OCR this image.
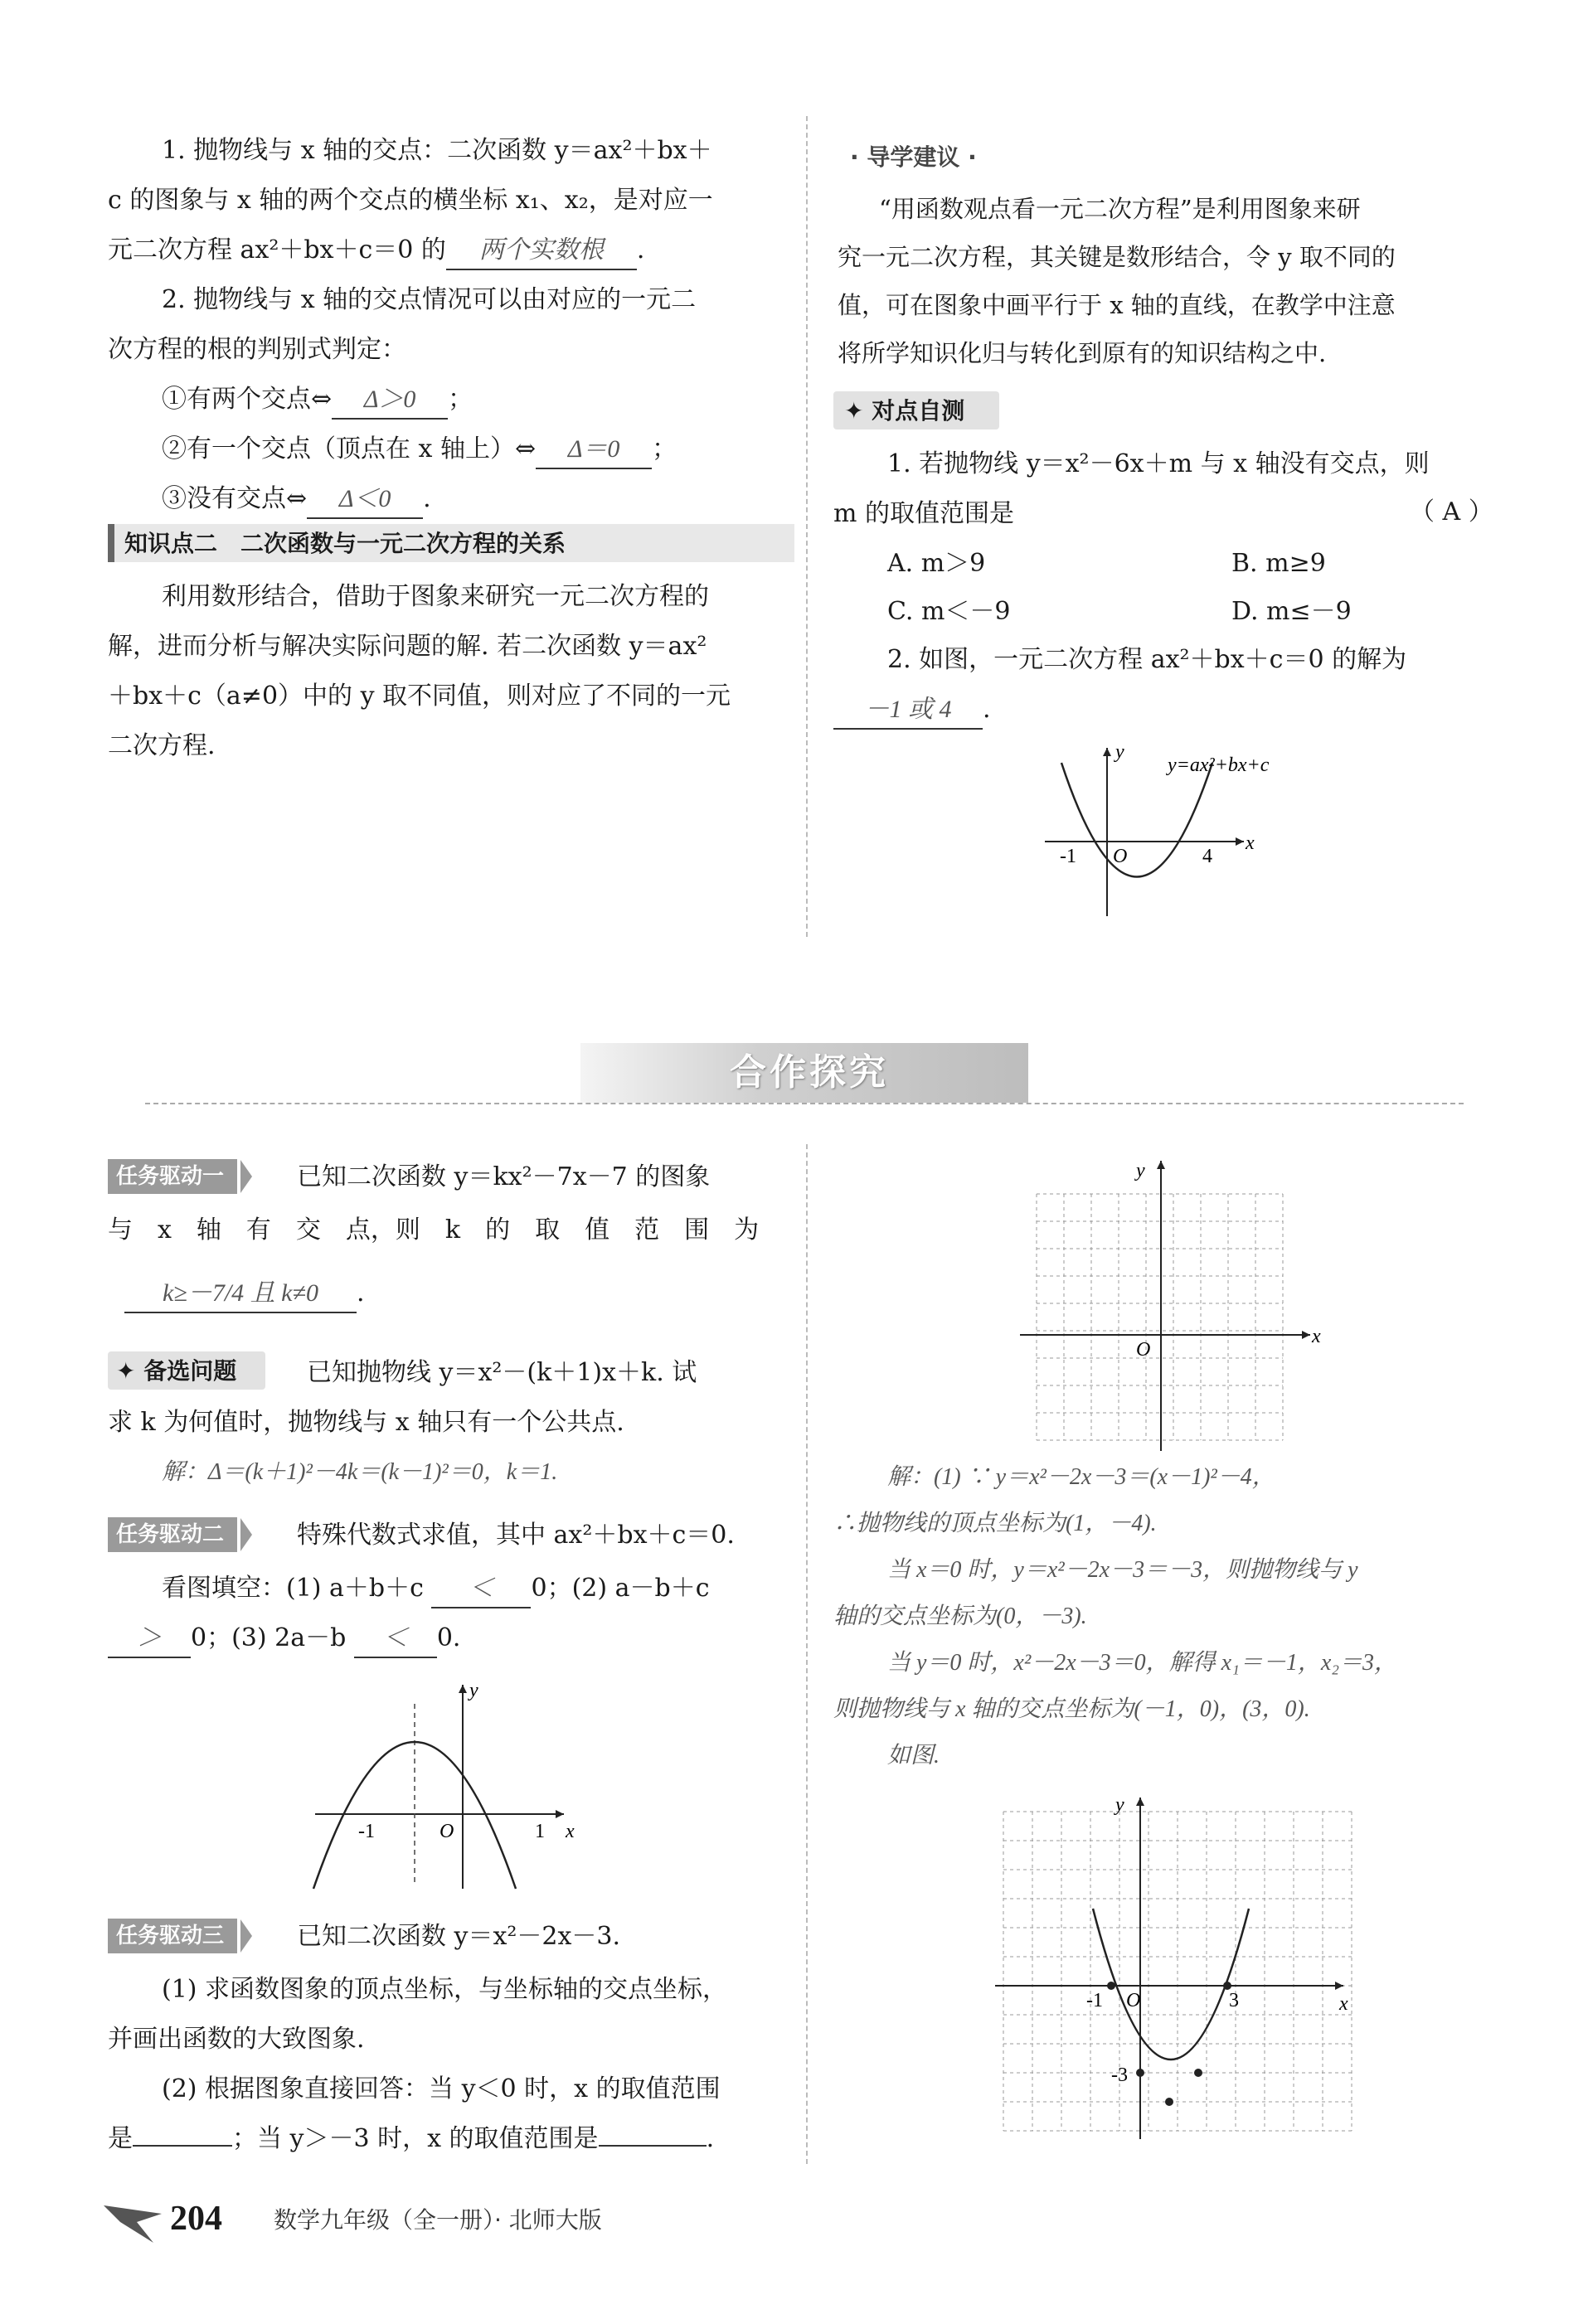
1. 抛物线与 x 轴的交点：二次函数 y＝ax²＋bx＋
c 的图象与 x 轴的两个交点的横坐标 x₁、x₂，是对应一
元二次方程 ax²＋bx＋c＝0 的 两个实数根 .
2. 抛物线与 x 轴的交点情况可以由对应的一元二
次方程的根的判别式判定：
①有两个交点⇔ Δ＞0 ；
②有一个交点（顶点在 x 轴上）⇔ Δ＝0 ；
③没有交点⇔ Δ＜0 .
知识点二　二次函数与一元二次方程的关系
利用数形结合，借助于图象来研究一元二次方程的
解，进而分析与解决实际问题的解. 若二次函数 y＝ax²
＋bx＋c（a≠0）中的 y 取不同值，则对应了不同的一元
二次方程.
· 导学建议 ·
“用函数观点看一元二次方程”是利用图象来研
究一元二次方程，其关键是数形结合，令 y 取不同的
值，可在图象中画平行于 x 轴的直线，在教学中注意
将所学知识化归与转化到原有的知识结构之中.
✦ 对点自测
1. 若抛物线 y＝x²－6x＋m 与 x 轴没有交点，则
m 的取值范围是	（ A ）
A. m＞9	B. m≥9
C. m＜－9	D. m≤－9
2. 如图，一元二次方程 ax²＋bx＋c＝0 的解为
－1 或 4 .
y
x
O
-1	4
y=ax²+bx+c
合作探究
任务驱动一	已知二次函数 y＝kx²－7x－7 的图象
与　x　轴　有　交　点，则　k　的　取　值　范　围　为
k≥－7/4 且 k≠0 .
✦ 备选问题	已知抛物线 y＝x²－(k＋1)x＋k. 试
求 k 为何值时，抛物线与 x 轴只有一个公共点.
解：Δ＝(k＋1)²－4k＝(k－1)²＝0，k＝1.
任务驱动二	特殊代数式求值，其中 ax²＋bx＋c＝0.
看图填空：(1) a＋b＋c ＜ 0；(2) a－b＋c
＞ 0；(3) 2a－b ＜ 0.
y
x
O
-1	1
任务驱动三	已知二次函数 y＝x²－2x－3.
(1) 求函数图象的顶点坐标，与坐标轴的交点坐标，
并画出函数的大致图象.
(2) 根据图象直接回答：当 y＜0 时，x 的取值范围
是	；当 y＞－3 时，x 的取值范围是	.
y
x
O
解：(1) ∵ y＝x²－2x－3＝(x－1)²－4，
∴抛物线的顶点坐标为(1，－4).
当 x＝0 时，y＝x²－2x－3＝－3，则抛物线与 y
轴的交点坐标为(0，－3).
当 y＝0 时，x²－2x－3＝0，解得 x₁＝－1，x₂＝3，
则抛物线与 x 轴的交点坐标为(－1，0)，(3，0).
如图.
y
x
O
-1	3
-3
204 数学九年级（全一册）· 北师大版
